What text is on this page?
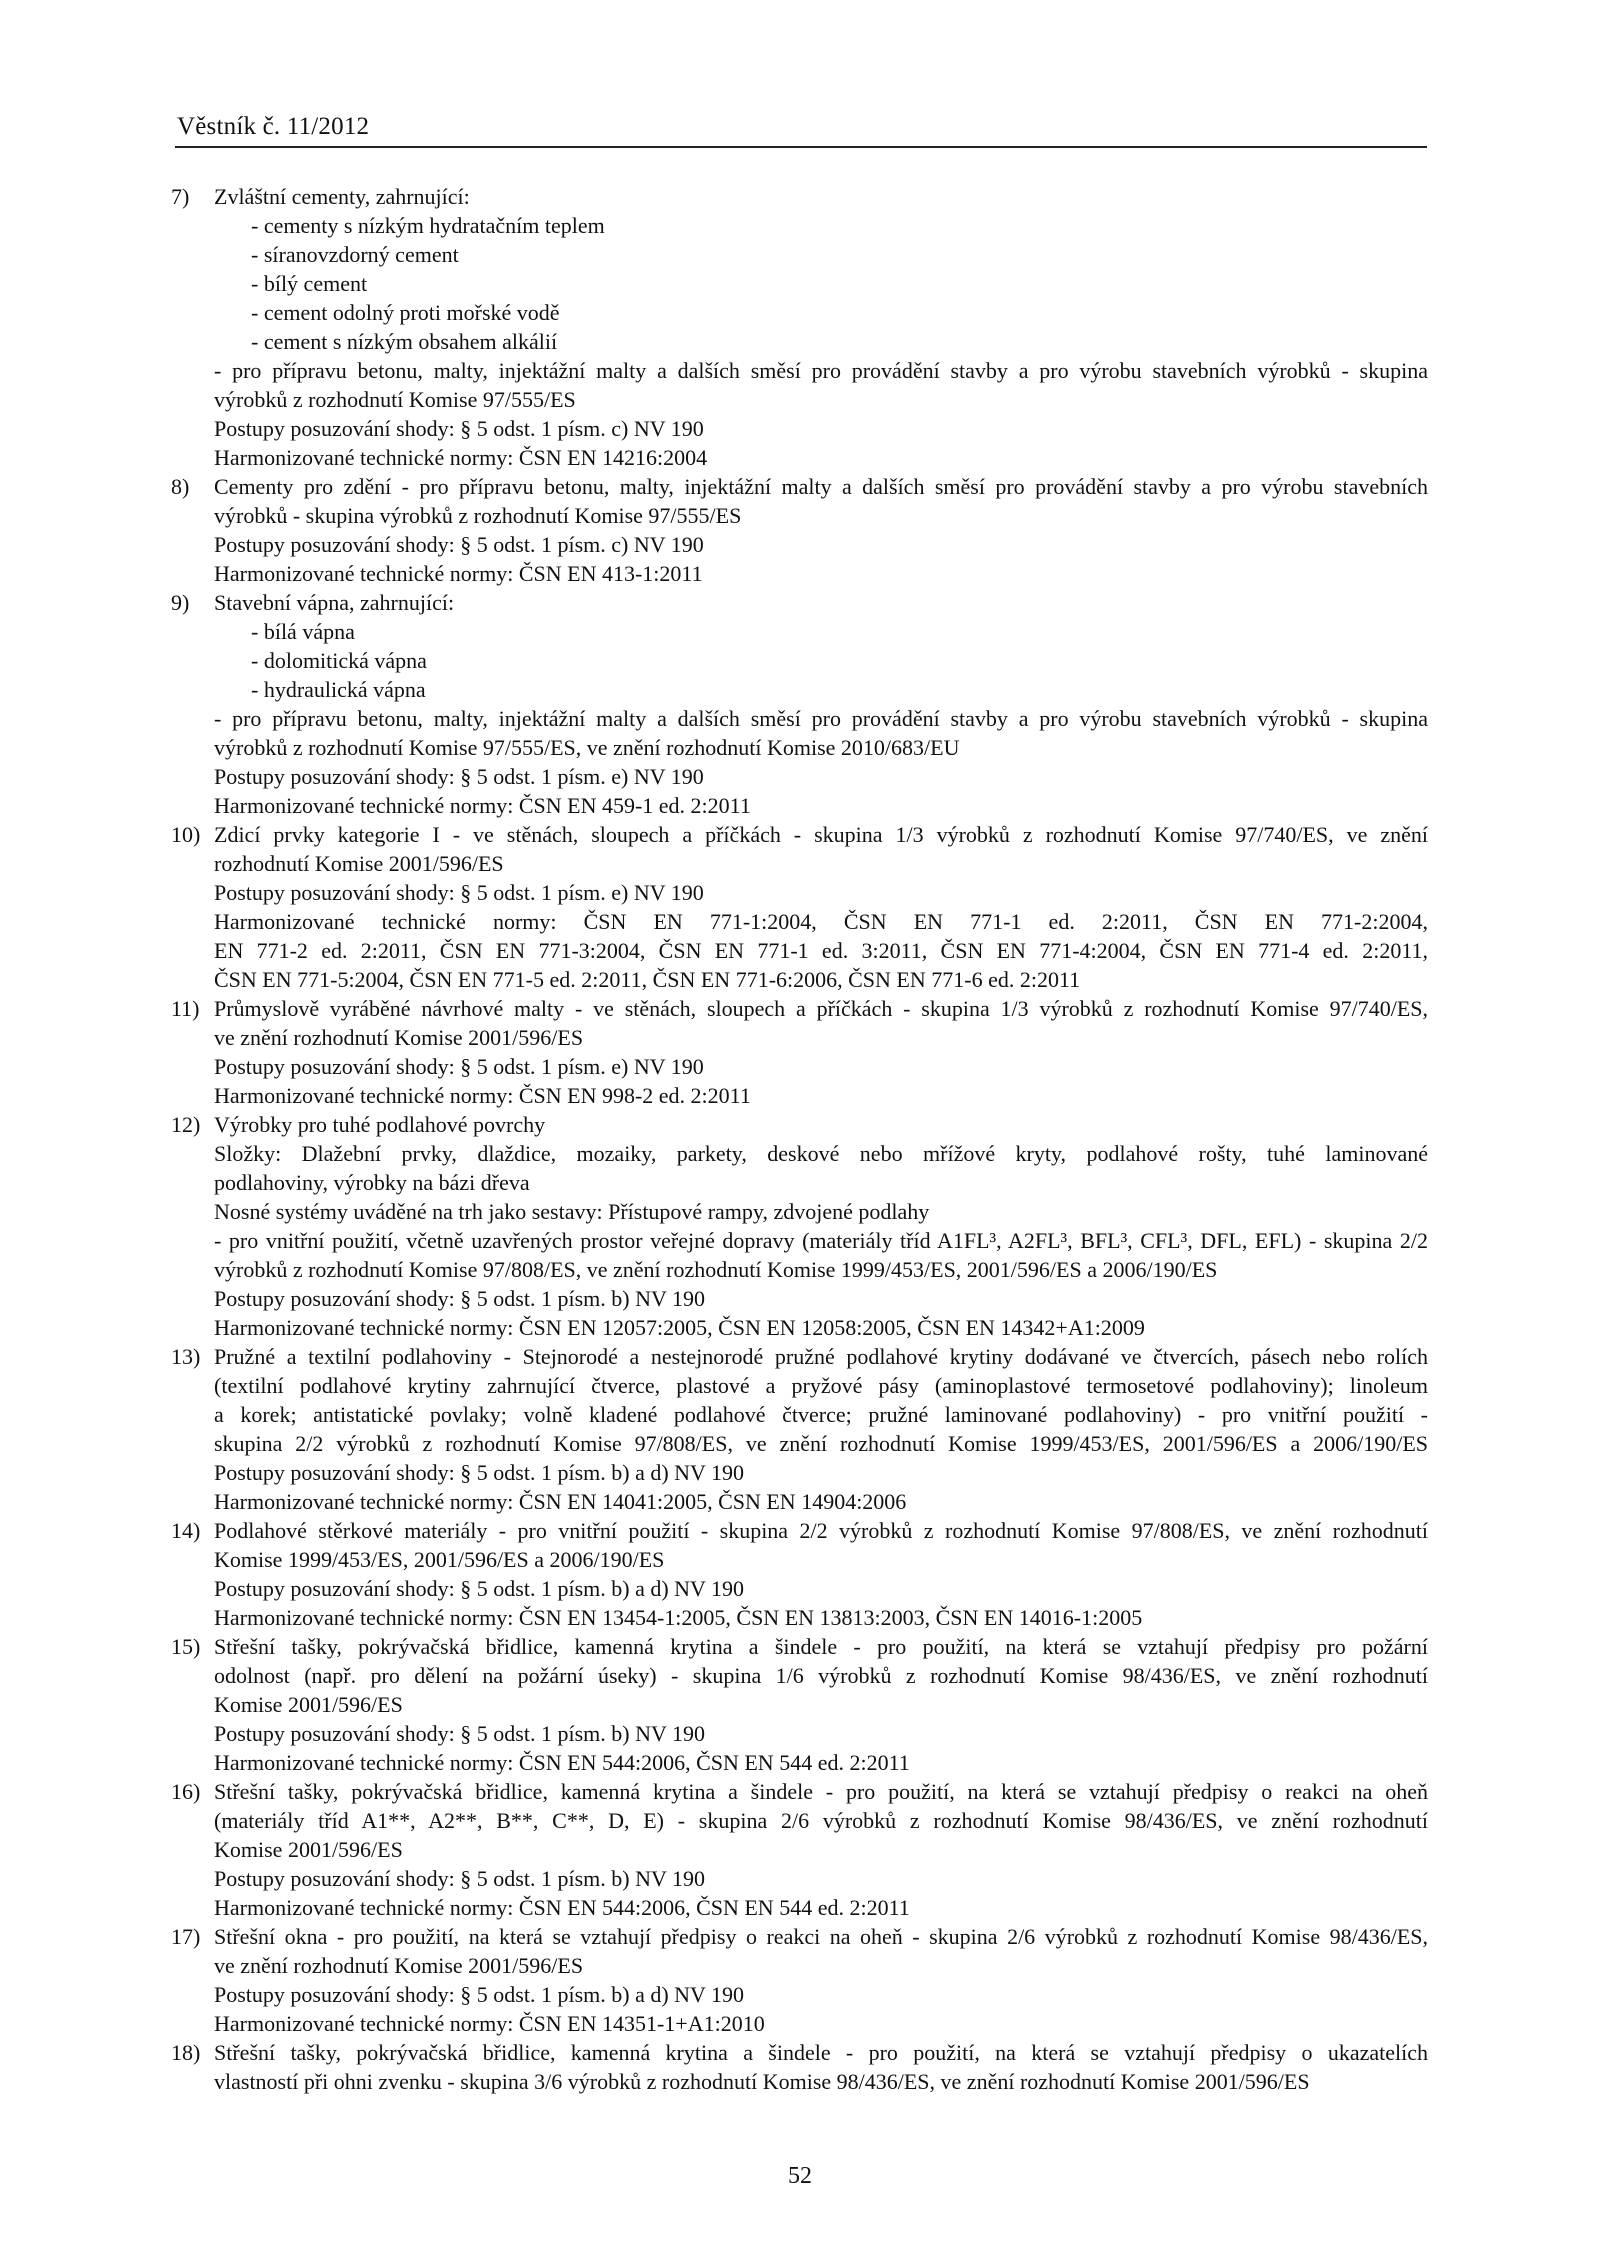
Věstník č. 11/2012
7)	Zvláštní cementy, zahrnující:
- cementy s nízkým hydratačním teplem
- síranovzdorný cement
- bílý cement
- cement odolný proti mořské vodě
- cement s nízkým obsahem alkálií
- pro přípravu betonu, malty, injektážní malty a dalších směsí pro provádění stavby a pro výrobu stavebních výrobků - skupina
výrobků z rozhodnutí Komise 97/555/ES
Postupy posuzování shody: § 5 odst. 1 písm. c) NV 190
Harmonizované technické normy: ČSN EN 14216:2004
8)	Cementy pro zdění - pro přípravu betonu, malty, injektážní malty a dalších směsí pro provádění stavby a pro výrobu stavebních
výrobků - skupina výrobků z rozhodnutí Komise 97/555/ES
Postupy posuzování shody: § 5 odst. 1 písm. c) NV 190
Harmonizované technické normy: ČSN EN 413-1:2011
9)	Stavební vápna, zahrnující:
- bílá vápna
- dolomitická vápna
- hydraulická vápna
- pro přípravu betonu, malty, injektážní malty a dalších směsí pro provádění stavby a pro výrobu stavebních výrobků - skupina
výrobků z rozhodnutí Komise 97/555/ES, ve znění rozhodnutí Komise 2010/683/EU
Postupy posuzování shody: § 5 odst. 1 písm. e) NV 190
Harmonizované technické normy: ČSN EN 459-1 ed. 2:2011
10) Zdicí prvky kategorie I - ve stěnách, sloupech a příčkách - skupina 1/3 výrobků z rozhodnutí Komise 97/740/ES, ve znění
rozhodnutí Komise 2001/596/ES
Postupy posuzování shody: § 5 odst. 1 písm. e) NV 190
Harmonizované technické normy: ČSN EN 771-1:2004, ČSN EN 771-1 ed. 2:2011, ČSN EN 771-2:2004,
EN 771-2 ed. 2:2011, ČSN EN 771-3:2004, ČSN EN 771-1 ed. 3:2011, ČSN EN 771-4:2004, ČSN EN 771-4 ed. 2:2011,
ČSN EN 771-5:2004, ČSN EN 771-5 ed. 2:2011, ČSN EN 771-6:2006, ČSN EN 771-6 ed. 2:2011
11) Průmyslově vyráběné návrhové malty - ve stěnách, sloupech a příčkách - skupina 1/3 výrobků z rozhodnutí Komise 97/740/ES,
ve znění rozhodnutí Komise 2001/596/ES
Postupy posuzování shody: § 5 odst. 1 písm. e) NV 190
Harmonizované technické normy: ČSN EN 998-2 ed. 2:2011
12) Výrobky pro tuhé podlahové povrchy
Složky: Dlažební prvky, dlaždice, mozaiky, parkety, deskové nebo mřížové kryty, podlahové rošty, tuhé laminované
podlahoviny, výrobky na bázi dřeva
Nosné systémy uváděné na trh jako sestavy: Přístupové rampy, zdvojené podlahy
- pro vnitřní použití, včetně uzavřených prostor veřejné dopravy (materiály tříd A1FL³, A2FL³, BFL³, CFL³, DFL, EFL) - skupina 2/2
výrobků z rozhodnutí Komise 97/808/ES, ve znění rozhodnutí Komise 1999/453/ES, 2001/596/ES a 2006/190/ES
Postupy posuzování shody: § 5 odst. 1 písm. b) NV 190
Harmonizované technické normy: ČSN EN 12057:2005, ČSN EN 12058:2005, ČSN EN 14342+A1:2009
13) Pružné a textilní podlahoviny - Stejnorodé a nestejnorodé pružné podlahové krytiny dodávané ve čtvercích, pásech nebo rolích
(textilní podlahové krytiny zahrnující čtverce, plastové a pryžové pásy (aminoplastové termosetové podlahoviny); linoleum
a korek; antistatické povlaky; volně kladené podlahové čtverce; pružné laminované podlahoviny) - pro vnitřní použití -
skupina 2/2 výrobků z rozhodnutí Komise 97/808/ES, ve znění rozhodnutí Komise 1999/453/ES, 2001/596/ES a 2006/190/ES
Postupy posuzování shody: § 5 odst. 1 písm. b) a d) NV 190
Harmonizované technické normy: ČSN EN 14041:2005, ČSN EN 14904:2006
14) Podlahové stěrkové materiály - pro vnitřní použití - skupina 2/2 výrobků z rozhodnutí Komise 97/808/ES, ve znění rozhodnutí
Komise 1999/453/ES, 2001/596/ES a 2006/190/ES
Postupy posuzování shody: § 5 odst. 1 písm. b) a d) NV 190
Harmonizované technické normy: ČSN EN 13454-1:2005, ČSN EN 13813:2003, ČSN EN 14016-1:2005
15) Střešní tašky, pokrývačská břidlice, kamenná krytina a šindele - pro použití, na která se vztahují předpisy pro požární
odolnost (např. pro dělení na požární úseky) - skupina 1/6 výrobků z rozhodnutí Komise 98/436/ES, ve znění rozhodnutí
Komise 2001/596/ES
Postupy posuzování shody: § 5 odst. 1 písm. b) NV 190
Harmonizované technické normy: ČSN EN 544:2006, ČSN EN 544 ed. 2:2011
16) Střešní tašky, pokrývačská břidlice, kamenná krytina a šindele - pro použití, na která se vztahují předpisy o reakci na oheň
(materiály tříd A1**, A2**, B**, C**, D, E) - skupina 2/6 výrobků z rozhodnutí Komise 98/436/ES, ve znění rozhodnutí
Komise 2001/596/ES
Postupy posuzování shody: § 5 odst. 1 písm. b) NV 190
Harmonizované technické normy: ČSN EN 544:2006, ČSN EN 544 ed. 2:2011
17) Střešní okna - pro použití, na která se vztahují předpisy o reakci na oheň - skupina 2/6 výrobků z rozhodnutí Komise 98/436/ES,
ve znění rozhodnutí Komise 2001/596/ES
Postupy posuzování shody: § 5 odst. 1 písm. b) a d) NV 190
Harmonizované technické normy: ČSN EN 14351-1+A1:2010
18) Střešní tašky, pokrývačská břidlice, kamenná krytina a šindele - pro použití, na která se vztahují předpisy o ukazatelích
vlastností při ohni zvenku - skupina 3/6 výrobků z rozhodnutí Komise 98/436/ES, ve znění rozhodnutí Komise 2001/596/ES
52
